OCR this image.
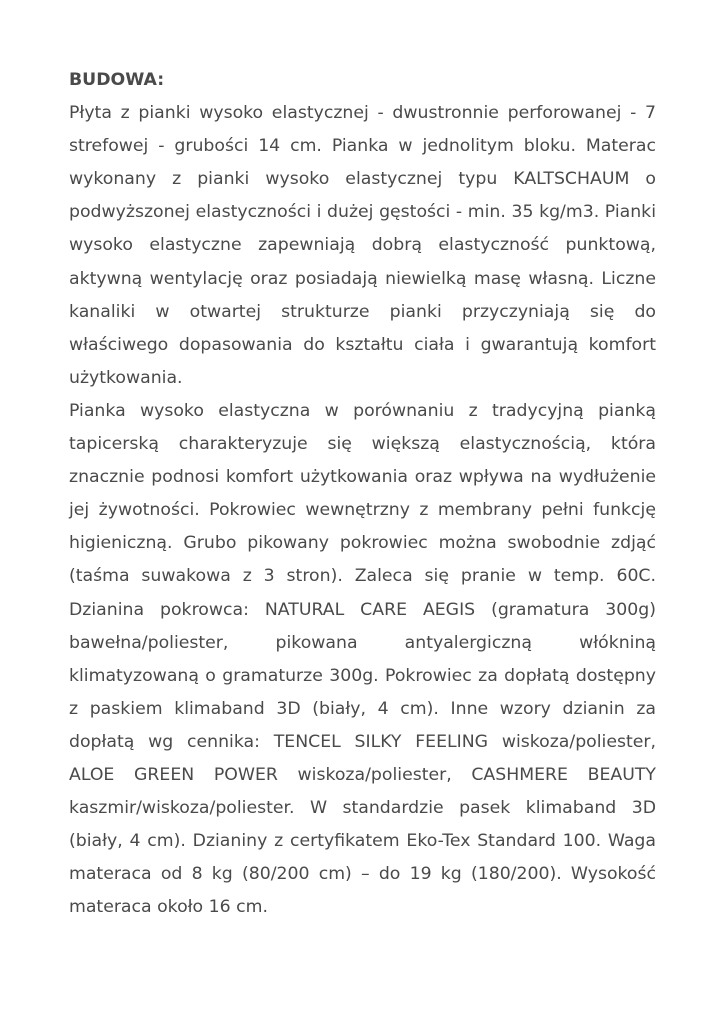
BUDOWA:

Płyta z pianki wysoko elastycznej - dwustronnie perforowanej - 7 strefowej - grubości 14 cm. Pianka w jednolitym bloku. Materac wykonany z pianki wysoko elastycznej typu KALTSCHAUM o podwyższonej elastyczności i dużej gęstości - min. 35 kg/m3. Pianki wysoko elastyczne zapewniają dobrą elastyczność punktową, aktywną wentylację oraz posiadają niewielką masę własną. Liczne kanaliki w otwartej strukturze pianki przyczyniają się do właściwego dopasowania do kształtu ciała i gwarantują komfort użytkowania.

Pianka wysoko elastyczna w porównaniu z tradycyjną pianką tapicerską charakteryzuje się większą elastycznością, która znacznie podnosi komfort użytkowania oraz wpływa na wydłużenie jej żywotności. Pokrowiec wewnętrzny z membrany pełni funkcję higieniczną. Grubo pikowany pokrowiec można swobodnie zdjąć (taśma suwakowa z 3 stron). Zaleca się pranie w temp. 60C. Dzianina pokrowca: NATURAL CARE AEGIS (gramatura 300g) bawełna/poliester, pikowana antyalergiczną włókniną klimatyzowaną o gramaturze 300g. Pokrowiec za dopłatą dostępny z paskiem klimaband 3D (biały, 4 cm). Inne wzory dzianin za dopłatą wg cennika: TENCEL SILKY FEELING wiskoza/poliester, ALOE GREEN POWER wiskoza/poliester, CASHMERE BEAUTY kaszmir/wiskoza/poliester. W standardzie pasek klimaband 3D (biały, 4 cm). Dzianiny z certyfikatem Eko-Tex Standard 100. Waga materaca od 8 kg (80/200 cm) – do 19 kg (180/200). Wysokość materaca około 16 cm.
